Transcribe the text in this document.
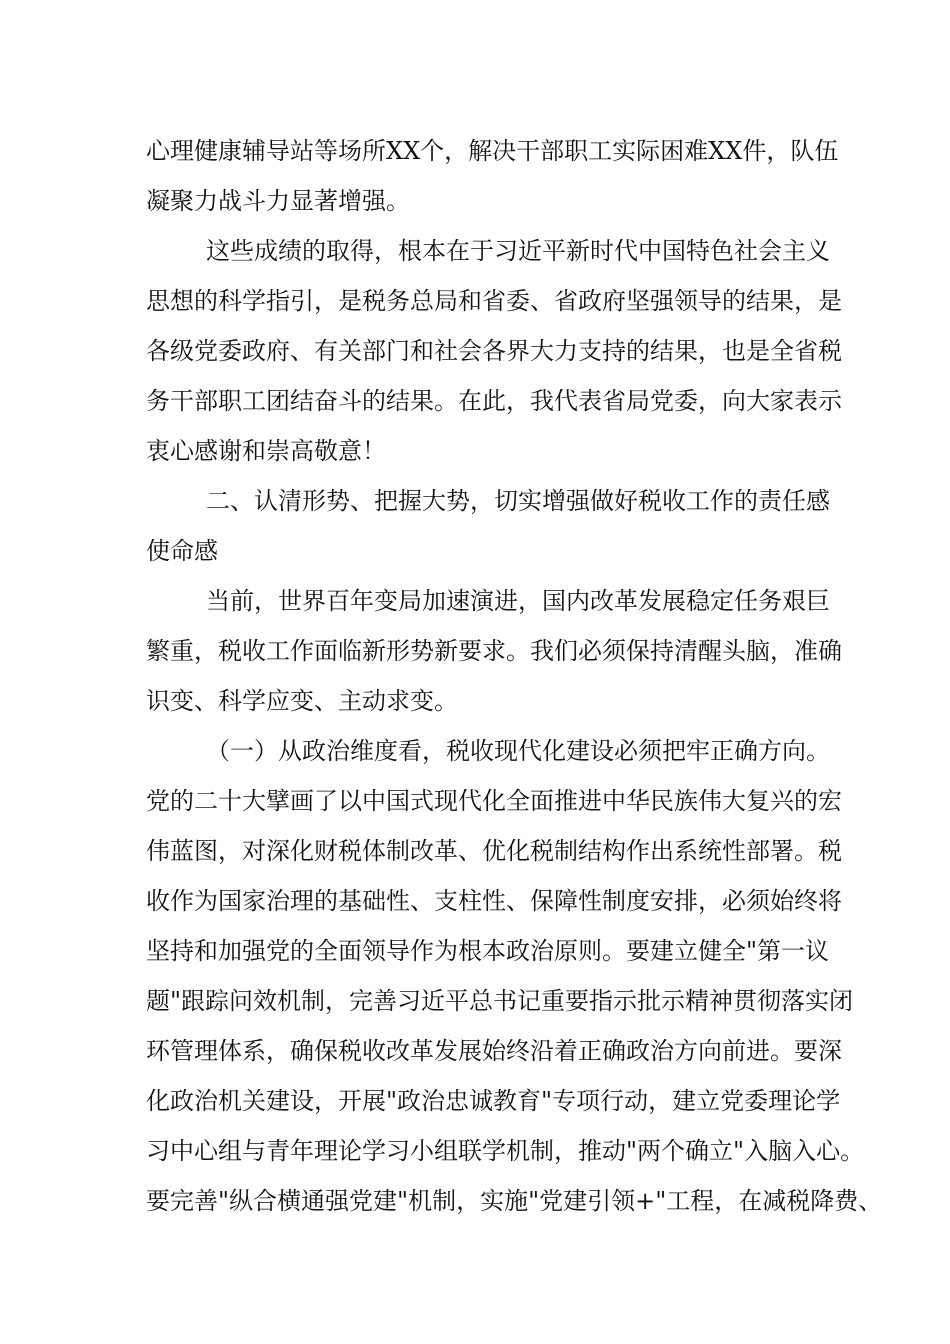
心理健康辅导站等场所XX个，解决干部职工实际困难XX件，队伍
凝聚力战斗力显著增强。
这些成绩的取得，根本在于习近平新时代中国特色社会主义
思想的科学指引，是税务总局和省委、省政府坚强领导的结果，是
各级党委政府、有关部门和社会各界大力支持的结果，也是全省税
务干部职工团结奋斗的结果。在此，我代表省局党委，向大家表示
衷心感谢和崇高敬意！
二、认清形势、把握大势，切实增强做好税收工作的责任感
使命感
当前，世界百年变局加速演进，国内改革发展稳定任务艰巨
繁重，税收工作面临新形势新要求。我们必须保持清醒头脑，准确
识变、科学应变、主动求变。
（一）从政治维度看，税收现代化建设必须把牢正确方向。
党的二十大擘画了以中国式现代化全面推进中华民族伟大复兴的宏
伟蓝图，对深化财税体制改革、优化税制结构作出系统性部署。税
收作为国家治理的基础性、支柱性、保障性制度安排，必须始终将
坚持和加强党的全面领导作为根本政治原则。要建立健全"第一议
题"跟踪问效机制，完善习近平总书记重要指示批示精神贯彻落实闭
环管理体系，确保税收改革发展始终沿着正确政治方向前进。要深
化政治机关建设，开展"政治忠诚教育"专项行动，建立党委理论学
习中心组与青年理论学习小组联学机制，推动"两个确立"入脑入心。
要完善"纵合横通强党建"机制，实施"党建引领+"工程，在减税降费、
